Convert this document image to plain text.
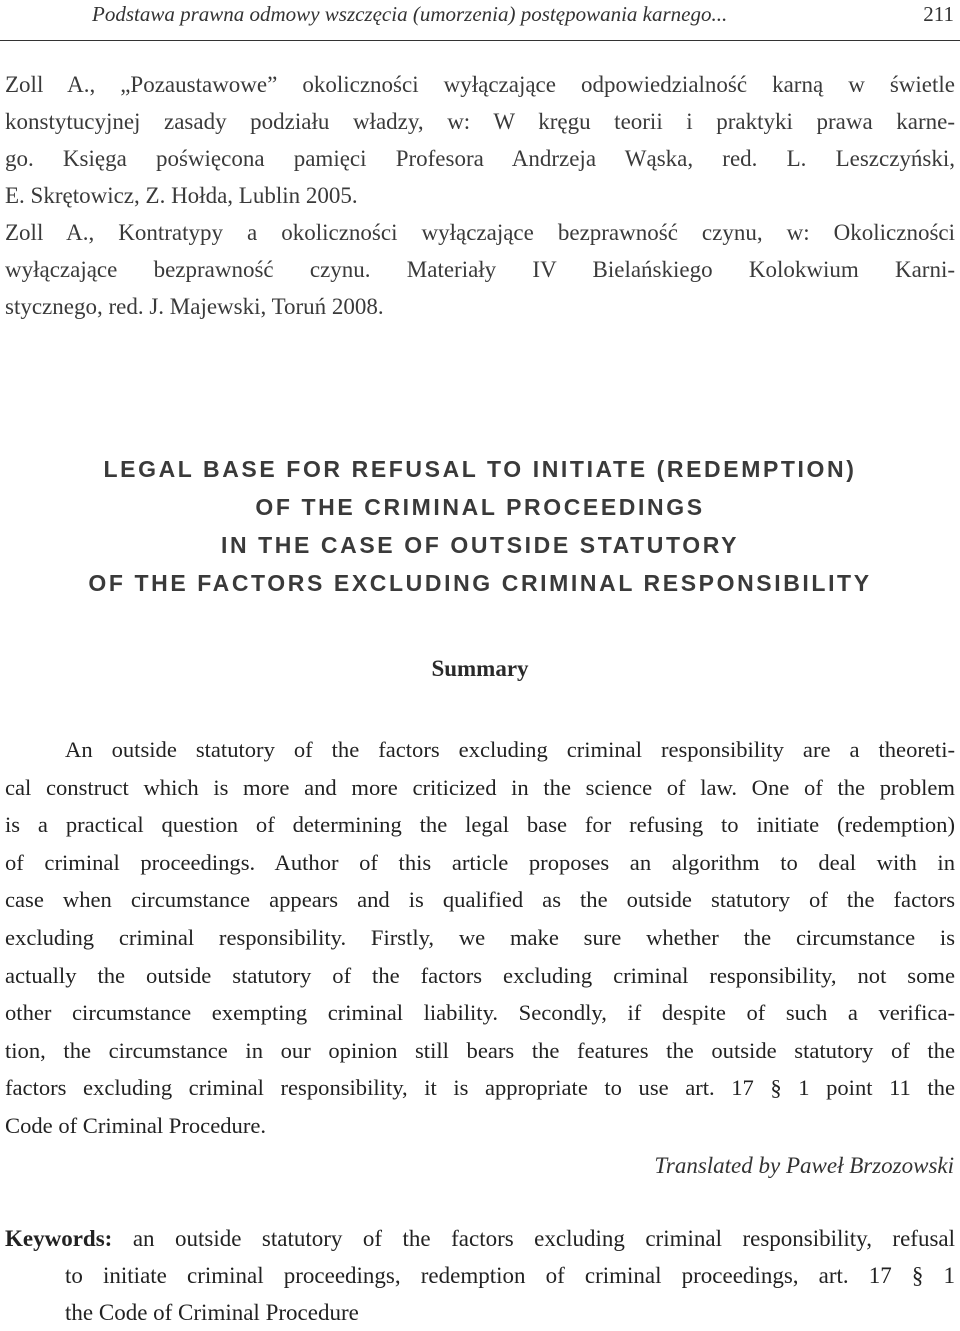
Podstawa prawna odmowy wszczęcia (umorzenia) postępowania karnego...	211
Zoll A., „Pozaustawowe” okoliczności wyłączające odpowiedzialność karną w świetle
konstytucyjnej zasady podziału władzy, w: W kręgu teorii i praktyki prawa karne-
go. Księga poświęcona pamięci Profesora Andrzeja Wąska, red. L. Leszczyński,
E. Skrętowicz, Z. Hołda, Lublin 2005.
Zoll A., Kontratypy a okoliczności wyłączające bezprawność czynu, w: Okoliczności
wyłączające bezprawność czynu. Materiały IV Bielańskiego Kolokwium Karni-
stycznego, red. J. Majewski, Toruń 2008.
LEGAL BASE FOR REFUSAL TO INITIATE (REDEMPTION)
OF THE CRIMINAL PROCEEDINGS
IN THE CASE OF OUTSIDE STATUTORY
OF THE FACTORS EXCLUDING CRIMINAL RESPONSIBILITY
Summary
An outside statutory of the factors excluding criminal responsibility are a theoreti-
cal construct which is more and more criticized in the science of law. One of the problem
is a practical question of determining the legal base for refusing to initiate (redemption)
of criminal proceedings. Author of this article proposes an algorithm to deal with in
case when circumstance appears and is qualified as the outside statutory of the factors
excluding criminal responsibility. Firstly, we make sure whether the circumstance is
actually the outside statutory of the factors excluding criminal responsibility, not some
other circumstance exempting criminal liability. Secondly, if despite of such a verifica-
tion, the circumstance in our opinion still bears the features the outside statutory of the
factors excluding criminal responsibility, it is appropriate to use art. 17 § 1 point 11 the
Code of Criminal Procedure.
Translated by Paweł Brzozowski
Keywords: an outside statutory of the factors excluding criminal responsibility, refusal
to initiate criminal proceedings, redemption of criminal proceedings, art. 17 § 1
the Code of Criminal Procedure
